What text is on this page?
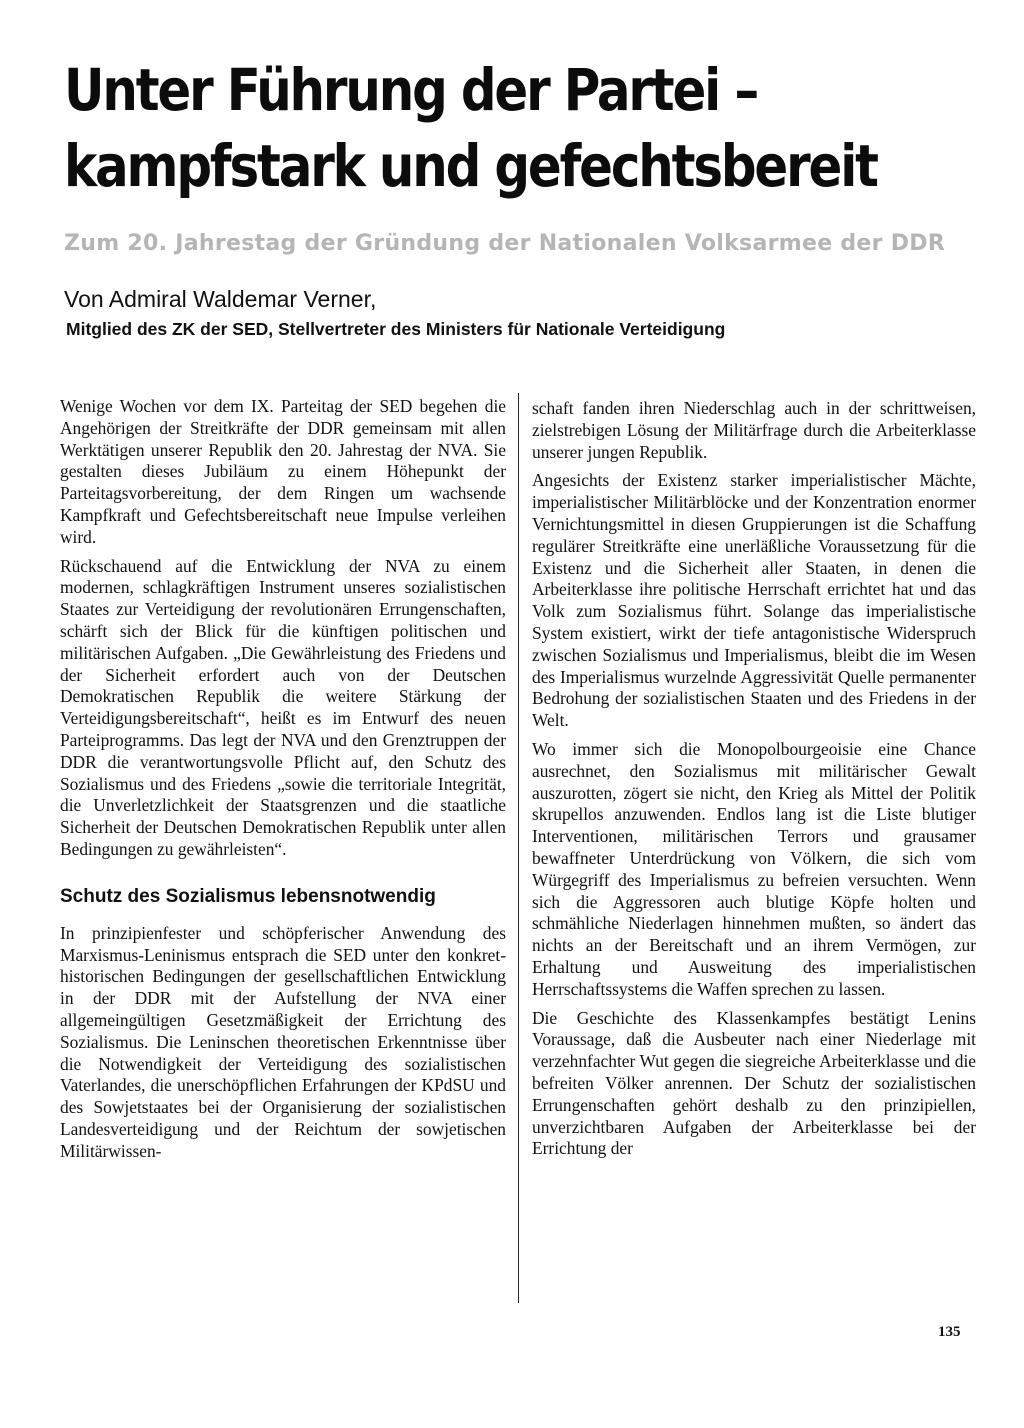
Unter Führung der Partei –
kampfstark und gefechtsbereit
Zum 20. Jahrestag der Gründung der Nationalen Volksarmee der DDR
Von Admiral Waldemar Verner,
Mitglied des ZK der SED, Stellvertreter des Ministers für Nationale Verteidigung

Wenige Wochen vor dem IX. Parteitag der SED begehen die Angehörigen der Streitkräfte der DDR gemeinsam mit allen Werktätigen unserer Republik den 20. Jahrestag der NVA. Sie gestalten dieses Jubiläum zu einem Höhepunkt der Parteitagsvorbereitung, der dem Ringen um wachsende Kampfkraft und Gefechtsbereitschaft neue Impulse verleihen wird.

Rückschauend auf die Entwicklung der NVA zu einem modernen, schlagkräftigen Instrument unseres sozialistischen Staates zur Verteidigung der revolutionären Errungenschaften, schärft sich der Blick für die künftigen politischen und militärischen Aufgaben. „Die Gewährleistung des Friedens und der Sicherheit erfordert auch von der Deutschen Demokratischen Republik die weitere Stärkung der Verteidigungsbereitschaft“, heißt es im Entwurf des neuen Parteiprogramms. Das legt der NVA und den Grenztruppen der DDR die verantwortungsvolle Pflicht auf, den Schutz des Sozialismus und des Friedens „sowie die territoriale Integrität, die Unverletzlichkeit der Staatsgrenzen und die staatliche Sicherheit der Deutschen Demokratischen Republik unter allen Bedingungen zu gewährleisten“.

Schutz des Sozialismus lebensnotwendig

In prinzipienfester und schöpferischer Anwendung des Marxismus-Leninismus entsprach die SED unter den konkret-historischen Bedingungen der gesellschaftlichen Entwicklung in der DDR mit der Aufstellung der NVA einer allgemeingültigen Gesetzmäßigkeit der Errichtung des Sozialismus. Die Leninschen theoretischen Erkenntnisse über die Notwendigkeit der Verteidigung des sozialistischen Vaterlandes, die unerschöpflichen Erfahrungen der KPdSU und des Sowjetstaates bei der Organisierung der sozialistischen Landesverteidigung und der Reichtum der sowjetischen Militärwissen-

schaft fanden ihren Niederschlag auch in der schrittweisen, zielstrebigen Lösung der Militärfrage durch die Arbeiterklasse unserer jungen Republik.

Angesichts der Existenz starker imperialistischer Mächte, imperialistischer Militärblöcke und der Konzentration enormer Vernichtungsmittel in diesen Gruppierungen ist die Schaffung regulärer Streitkräfte eine unerläßliche Voraussetzung für die Existenz und die Sicherheit aller Staaten, in denen die Arbeiterklasse ihre politische Herrschaft errichtet hat und das Volk zum Sozialismus führt. Solange das imperialistische System existiert, wirkt der tiefe antagonistische Widerspruch zwischen Sozialismus und Imperialismus, bleibt die im Wesen des Imperialismus wurzelnde Aggressivität Quelle permanenter Bedrohung der sozialistischen Staaten und des Friedens in der Welt.

Wo immer sich die Monopolbourgeoisie eine Chance ausrechnet, den Sozialismus mit militärischer Gewalt auszurotten, zögert sie nicht, den Krieg als Mittel der Politik skrupellos anzuwenden. Endlos lang ist die Liste blutiger Interventionen, militärischen Terrors und grausamer bewaffneter Unterdrückung von Völkern, die sich vom Würgegriff des Imperialismus zu befreien versuchten. Wenn sich die Aggressoren auch blutige Köpfe holten und schmähliche Niederlagen hinnehmen mußten, so ändert das nichts an der Bereitschaft und an ihrem Vermögen, zur Erhaltung und Ausweitung des imperialistischen Herrschaftssystems die Waffen sprechen zu lassen.

Die Geschichte des Klassenkampfes bestätigt Lenins Voraussage, daß die Ausbeuter nach einer Niederlage mit verzehnfachter Wut gegen die siegreiche Arbeiterklasse und die befreiten Völker anrennen. Der Schutz der sozialistischen Errungenschaften gehört deshalb zu den prinzipiellen, unverzichtbaren Aufgaben der Arbeiterklasse bei der Errichtung der

135
